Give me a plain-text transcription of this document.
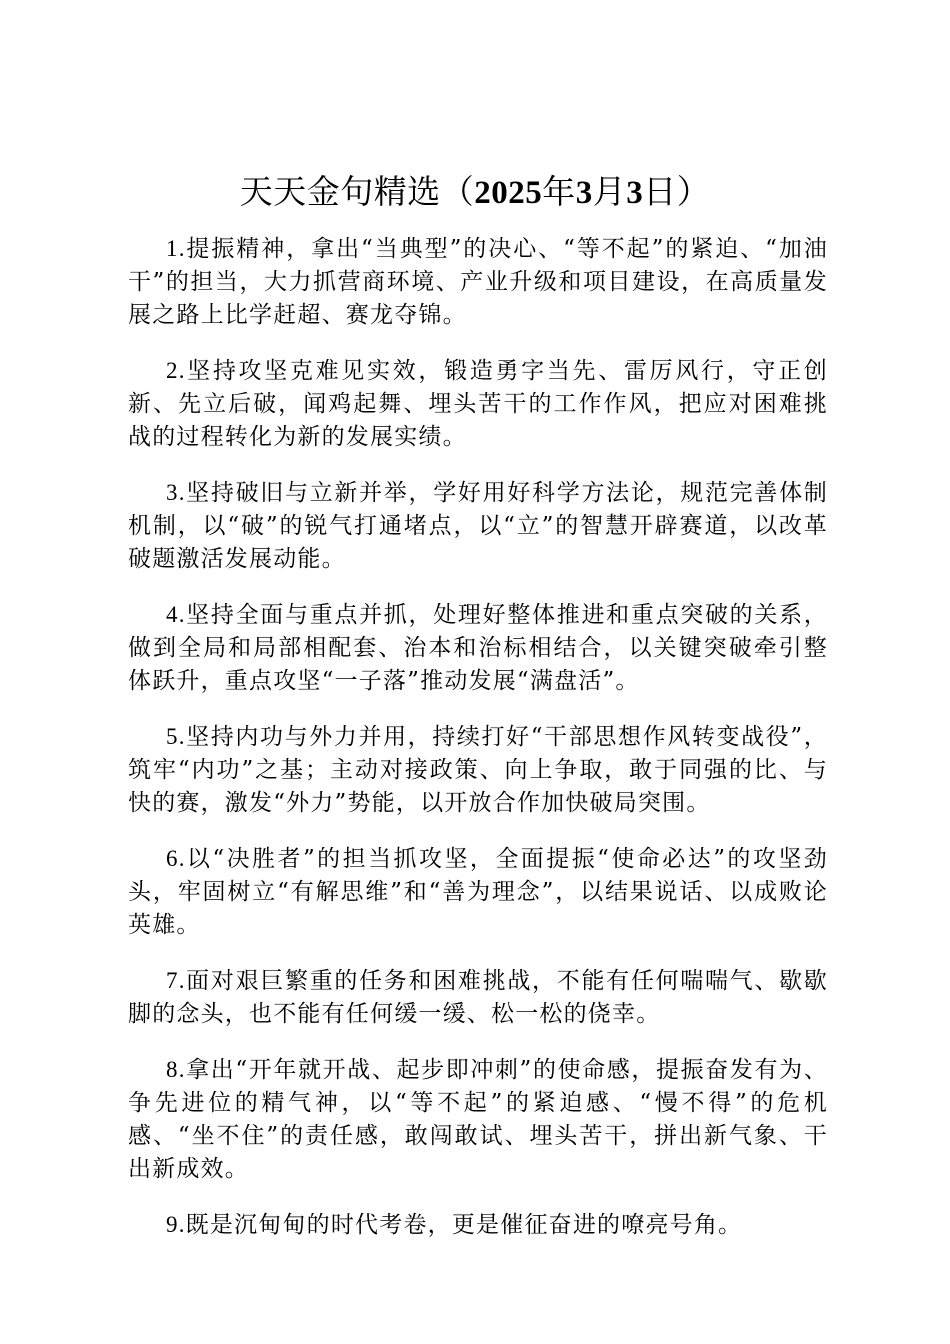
天天金句精选（2025年3月3日）

1.提振精神，拿出“当典型”的决心、“等不起”的紧迫、“加油干”的担当，大力抓营商环境、产业升级和项目建设，在高质量发展之路上比学赶超、赛龙夺锦。

2.坚持攻坚克难见实效，锻造勇字当先、雷厉风行，守正创新、先立后破，闻鸡起舞、埋头苦干的工作作风，把应对困难挑战的过程转化为新的发展实绩。

3.坚持破旧与立新并举，学好用好科学方法论，规范完善体制机制，以“破”的锐气打通堵点，以“立”的智慧开辟赛道，以改革破题激活发展动能。

4.坚持全面与重点并抓，处理好整体推进和重点突破的关系，做到全局和局部相配套、治本和治标相结合，以关键突破牵引整体跃升，重点攻坚“一子落”推动发展“满盘活”。

5.坚持内功与外力并用，持续打好“干部思想作风转变战役”，筑牢“内功”之基；主动对接政策、向上争取，敢于同强的比、与快的赛，激发“外力”势能，以开放合作加快破局突围。

6.以“决胜者”的担当抓攻坚，全面提振“使命必达”的攻坚劲头，牢固树立“有解思维”和“善为理念”，以结果说话、以成败论英雄。

7.面对艰巨繁重的任务和困难挑战，不能有任何喘喘气、歇歇脚的念头，也不能有任何缓一缓、松一松的侥幸。

8.拿出“开年就开战、起步即冲刺”的使命感，提振奋发有为、争先进位的精气神，以“等不起”的紧迫感、“慢不得”的危机感、“坐不住”的责任感，敢闯敢试、埋头苦干，拼出新气象、干出新成效。

9.既是沉甸甸的时代考卷，更是催征奋进的嘹亮号角。
